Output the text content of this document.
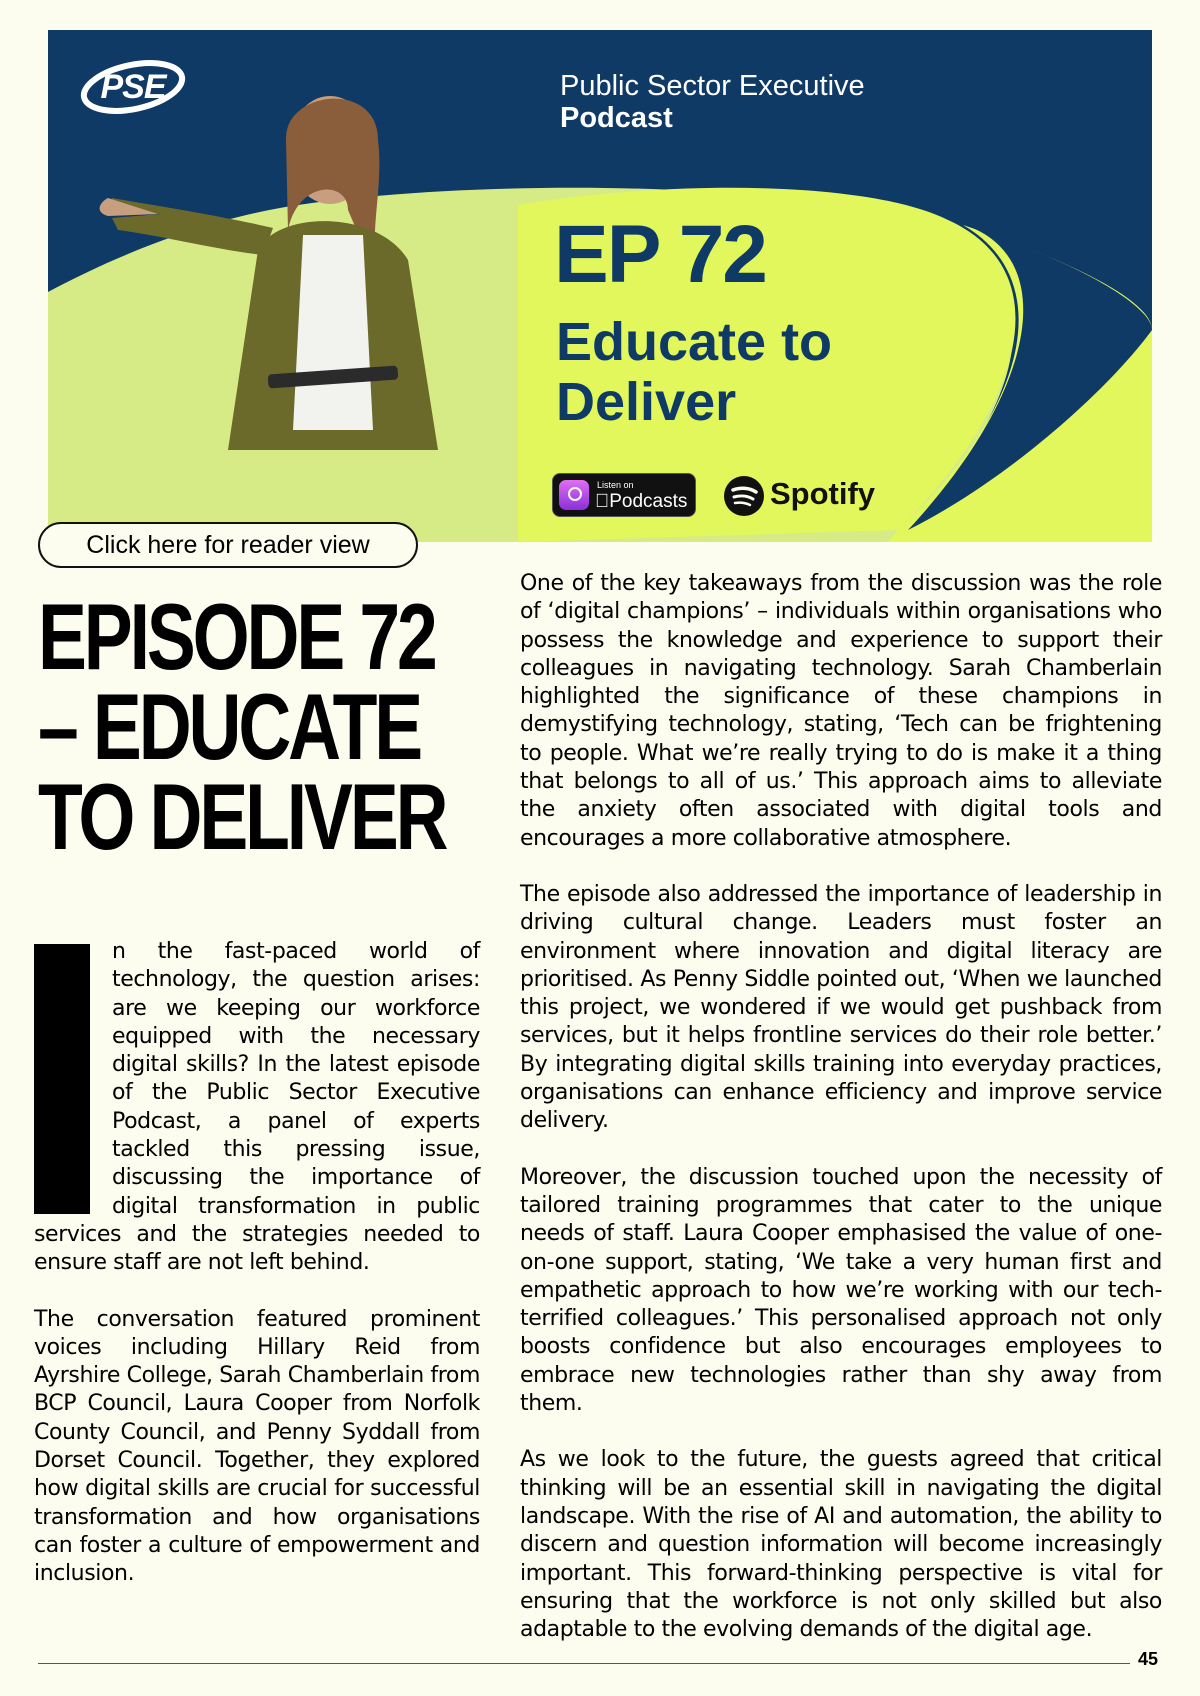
PSE	Public Sector Executive
Podcast
EP 72
Educate to Deliver
Listen on
Podcasts	Spotify
Click here for reader view
EPISODE 72 – EDUCATE TO DELIVER

n the fast-paced world of technology, the question arises: are we keeping our workforce equipped with the necessary digital skills? In the latest episode of the Public Sector Executive Podcast, a panel of experts tackled this pressing issue, discussing the importance of digital transformation in public services and the strategies needed to ensure staff are not left behind.

The conversation featured prominent voices including Hillary Reid from Ayrshire College, Sarah Chamberlain from BCP Council, Laura Cooper from Norfolk County Council, and Penny Syddall from Dorset Council. Together, they explored how digital skills are crucial for successful transformation and how organisations can foster a culture of empowerment and inclusion.

One of the key takeaways from the discussion was the role of ‘digital champions’ – individuals within organisations who possess the knowledge and experience to support their colleagues in navigating technology. Sarah Chamberlain highlighted the significance of these champions in demystifying technology, stating, ‘Tech can be frightening to people. What we’re really trying to do is make it a thing that belongs to all of us.’ This approach aims to alleviate the anxiety often associated with digital tools and encourages a more collaborative atmosphere.

The episode also addressed the importance of leadership in driving cultural change. Leaders must foster an environment where innovation and digital literacy are prioritised. As Penny Siddle pointed out, ‘When we launched this project, we wondered if we would get pushback from services, but it helps frontline services do their role better.’ By integrating digital skills training into everyday practices, organisations can enhance efficiency and improve service delivery.

Moreover, the discussion touched upon the necessity of tailored training programmes that cater to the unique needs of staff. Laura Cooper emphasised the value of one-on-one support, stating, ‘We take a very human first and empathetic approach to how we’re working with our tech-terrified colleagues.’ This personalised approach not only boosts confidence but also encourages employees to embrace new technologies rather than shy away from them.

As we look to the future, the guests agreed that critical thinking will be an essential skill in navigating the digital landscape. With the rise of AI and automation, the ability to discern and question information will become increasingly important. This forward-thinking perspective is vital for ensuring that the workforce is not only skilled but also adaptable to the evolving demands of the digital age.

45
